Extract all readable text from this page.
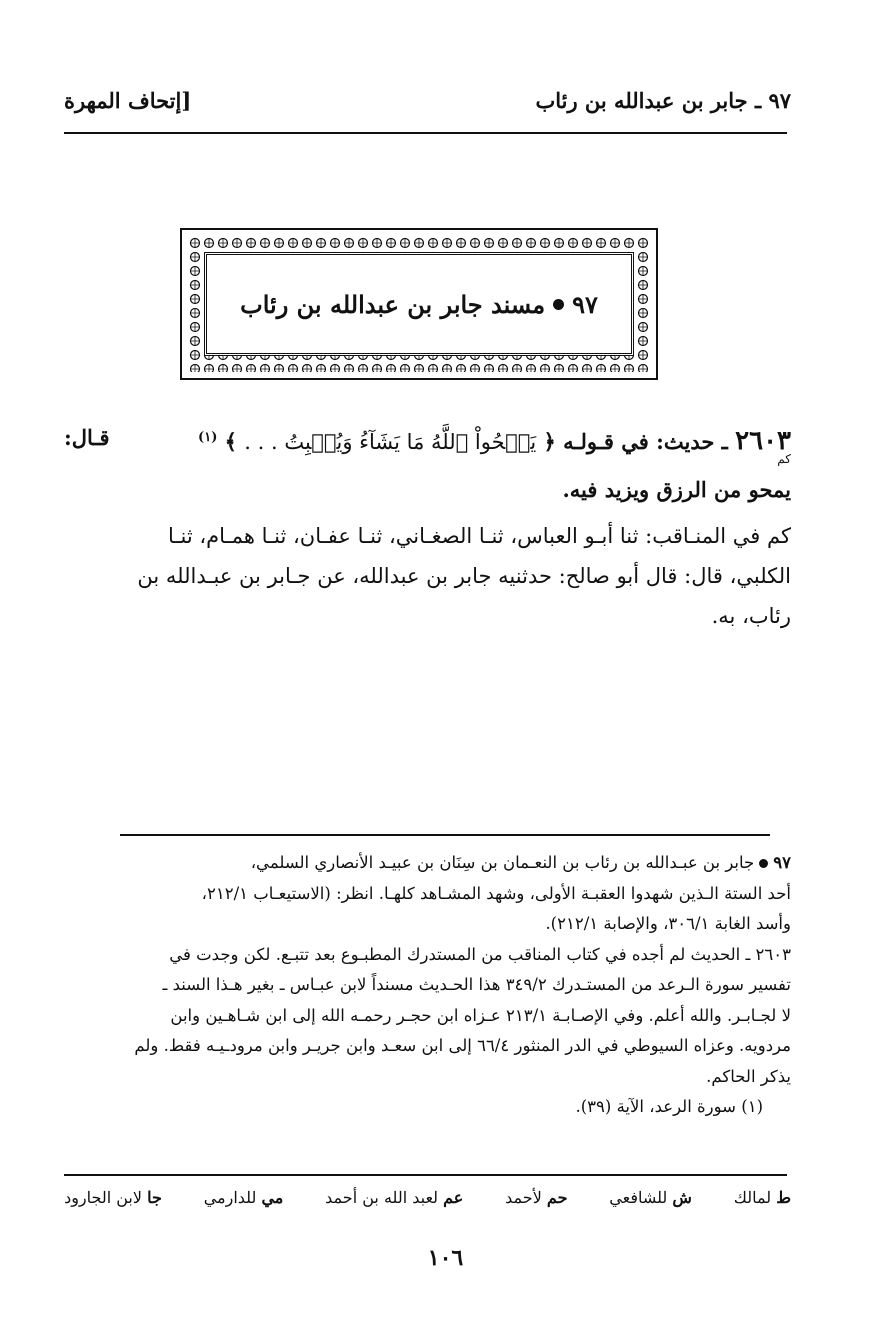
٩٧ ـ جابر بن عبدالله بن رئاب
[إتحاف المهرة
٩٧
مسند جابر بن عبدالله بن رئاب
٢٦٠٣ ـ حديث: في قـولـه ﴿ يَمۡحُواْ ٱللَّهُ مَا يَشَآءُ وَيُثۡبِتُ . . . ﴾ $^{(١)}$
قـال:
كم
يمحو من الرزق ويزيد فيه.
كم في المنـاقب: ثنا أبـو العباس، ثنـا الصغـاني، ثنـا عفـان، ثنـا همـام، ثنـا
الكلبي، قال: قال أبو صالح: حدثنيه جابر بن عبدالله، عن جـابر بن عبـدالله بن
رئاب، به.
٩٧جابر بن عبـدالله بن رئاب بن النعـمان بن سِنَان بن عبيـد الأنصاري السلمي،
أحد الستة الـذين شهدوا العقبـة الأولى، وشهد المشـاهد كلهـا. انظر: (الاستيعـاب ٢١٢/١،
وأسد الغابة ٣٠٦/١، والإصابة ٢١٢/١).
٢٦٠٣ ـ الحديث لم أجده في كتاب المناقب من المستدرك المطبـوع بعد تتبـع. لكن وجدت في
تفسير سورة الـرعد من المستـدرك ٣٤٩/٢ هذا الحـديث مسنداً لابن عبـاس ـ بغير هـذا السند ـ
لا لجـابـر. والله أعلم. وفي الإصـابـة ٢١٣/١ عـزاه ابن حجـر رحمـه الله إلى ابن شـاهـين وابن
مردويه. وعزاه السيوطي في الدر المنثور ٦٦/٤ إلى ابن سعـد وابن جريـر وابن مرودـيـه فقط. ولم
يذكر الحاكم.
(١) سورة الرعد، الآية (٣٩).
ط لمالك
ش للشافعي
حم لأحمد
عم لعبد الله بن أحمد
مي للدارمي
جا لابن الجارود
١٠٦
